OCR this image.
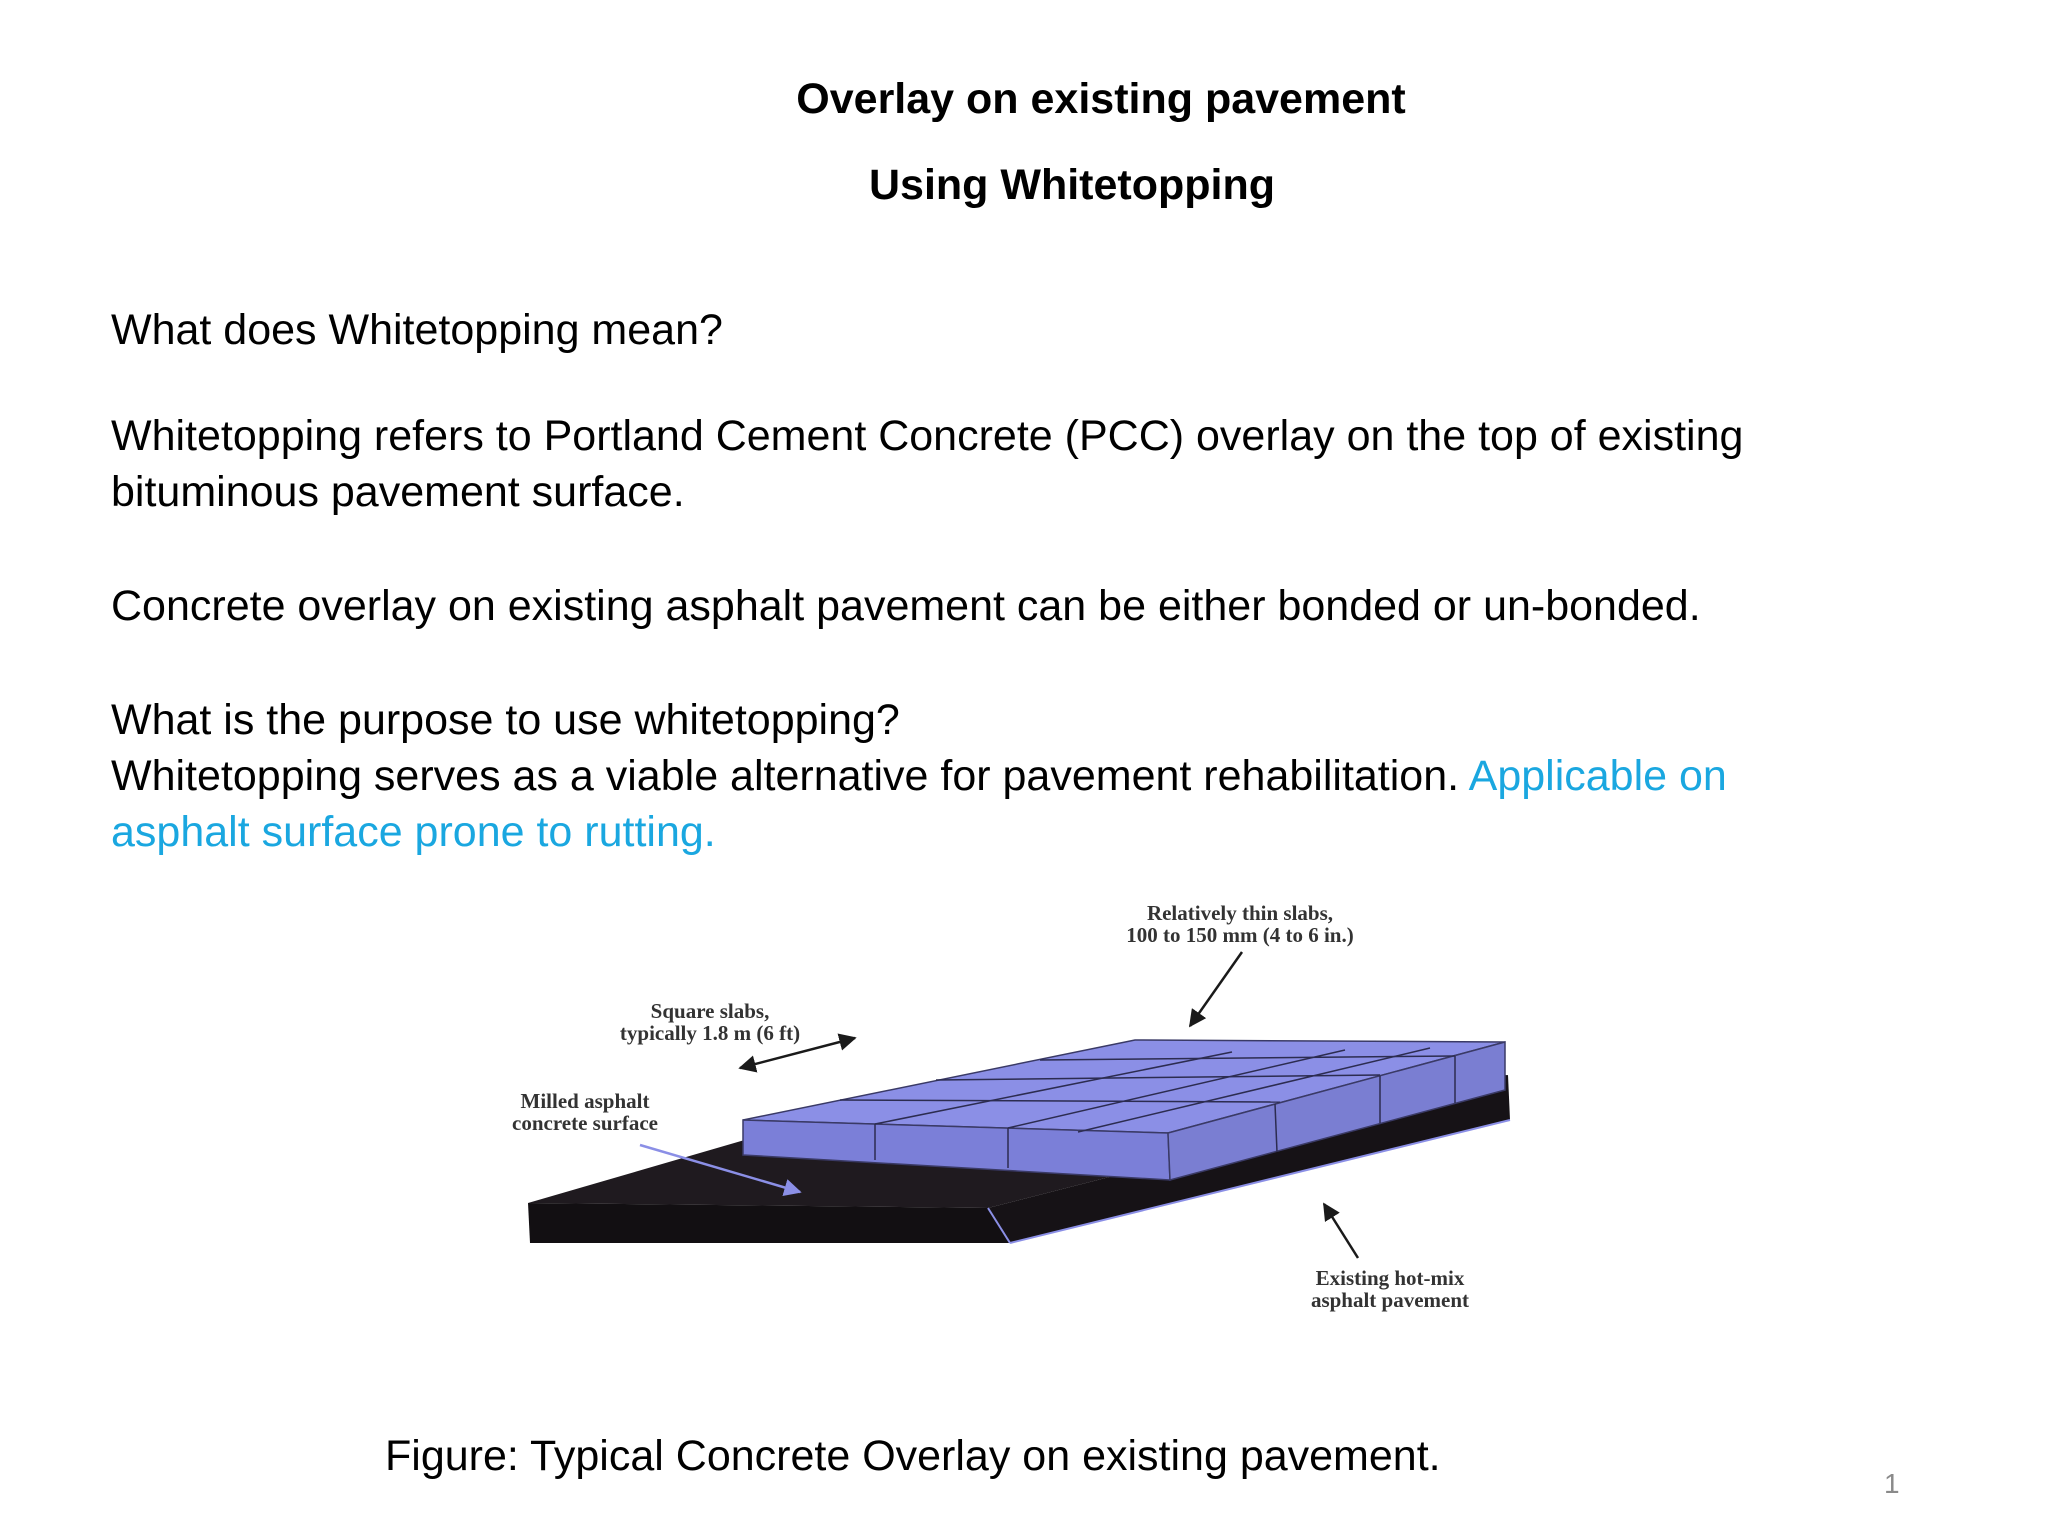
Overlay on existing pavement
Using Whitetopping
What does Whitetopping mean?
Whitetopping refers to Portland Cement Concrete (PCC) overlay on the top of existing
bituminous pavement surface.
Concrete overlay on existing asphalt pavement can be either bonded or un-bonded.
What is the purpose to use whitetopping?
Whitetopping serves as a viable alternative for pavement rehabilitation. Applicable on
asphalt surface prone to rutting.
Relatively thin slabs,
100 to 150 mm (4 to 6 in.)
Square slabs,
typically 1.8 m (6 ft)
Milled asphalt
concrete surface
Existing hot-mix
asphalt pavement
Figure: Typical Concrete Overlay on existing pavement.
1
